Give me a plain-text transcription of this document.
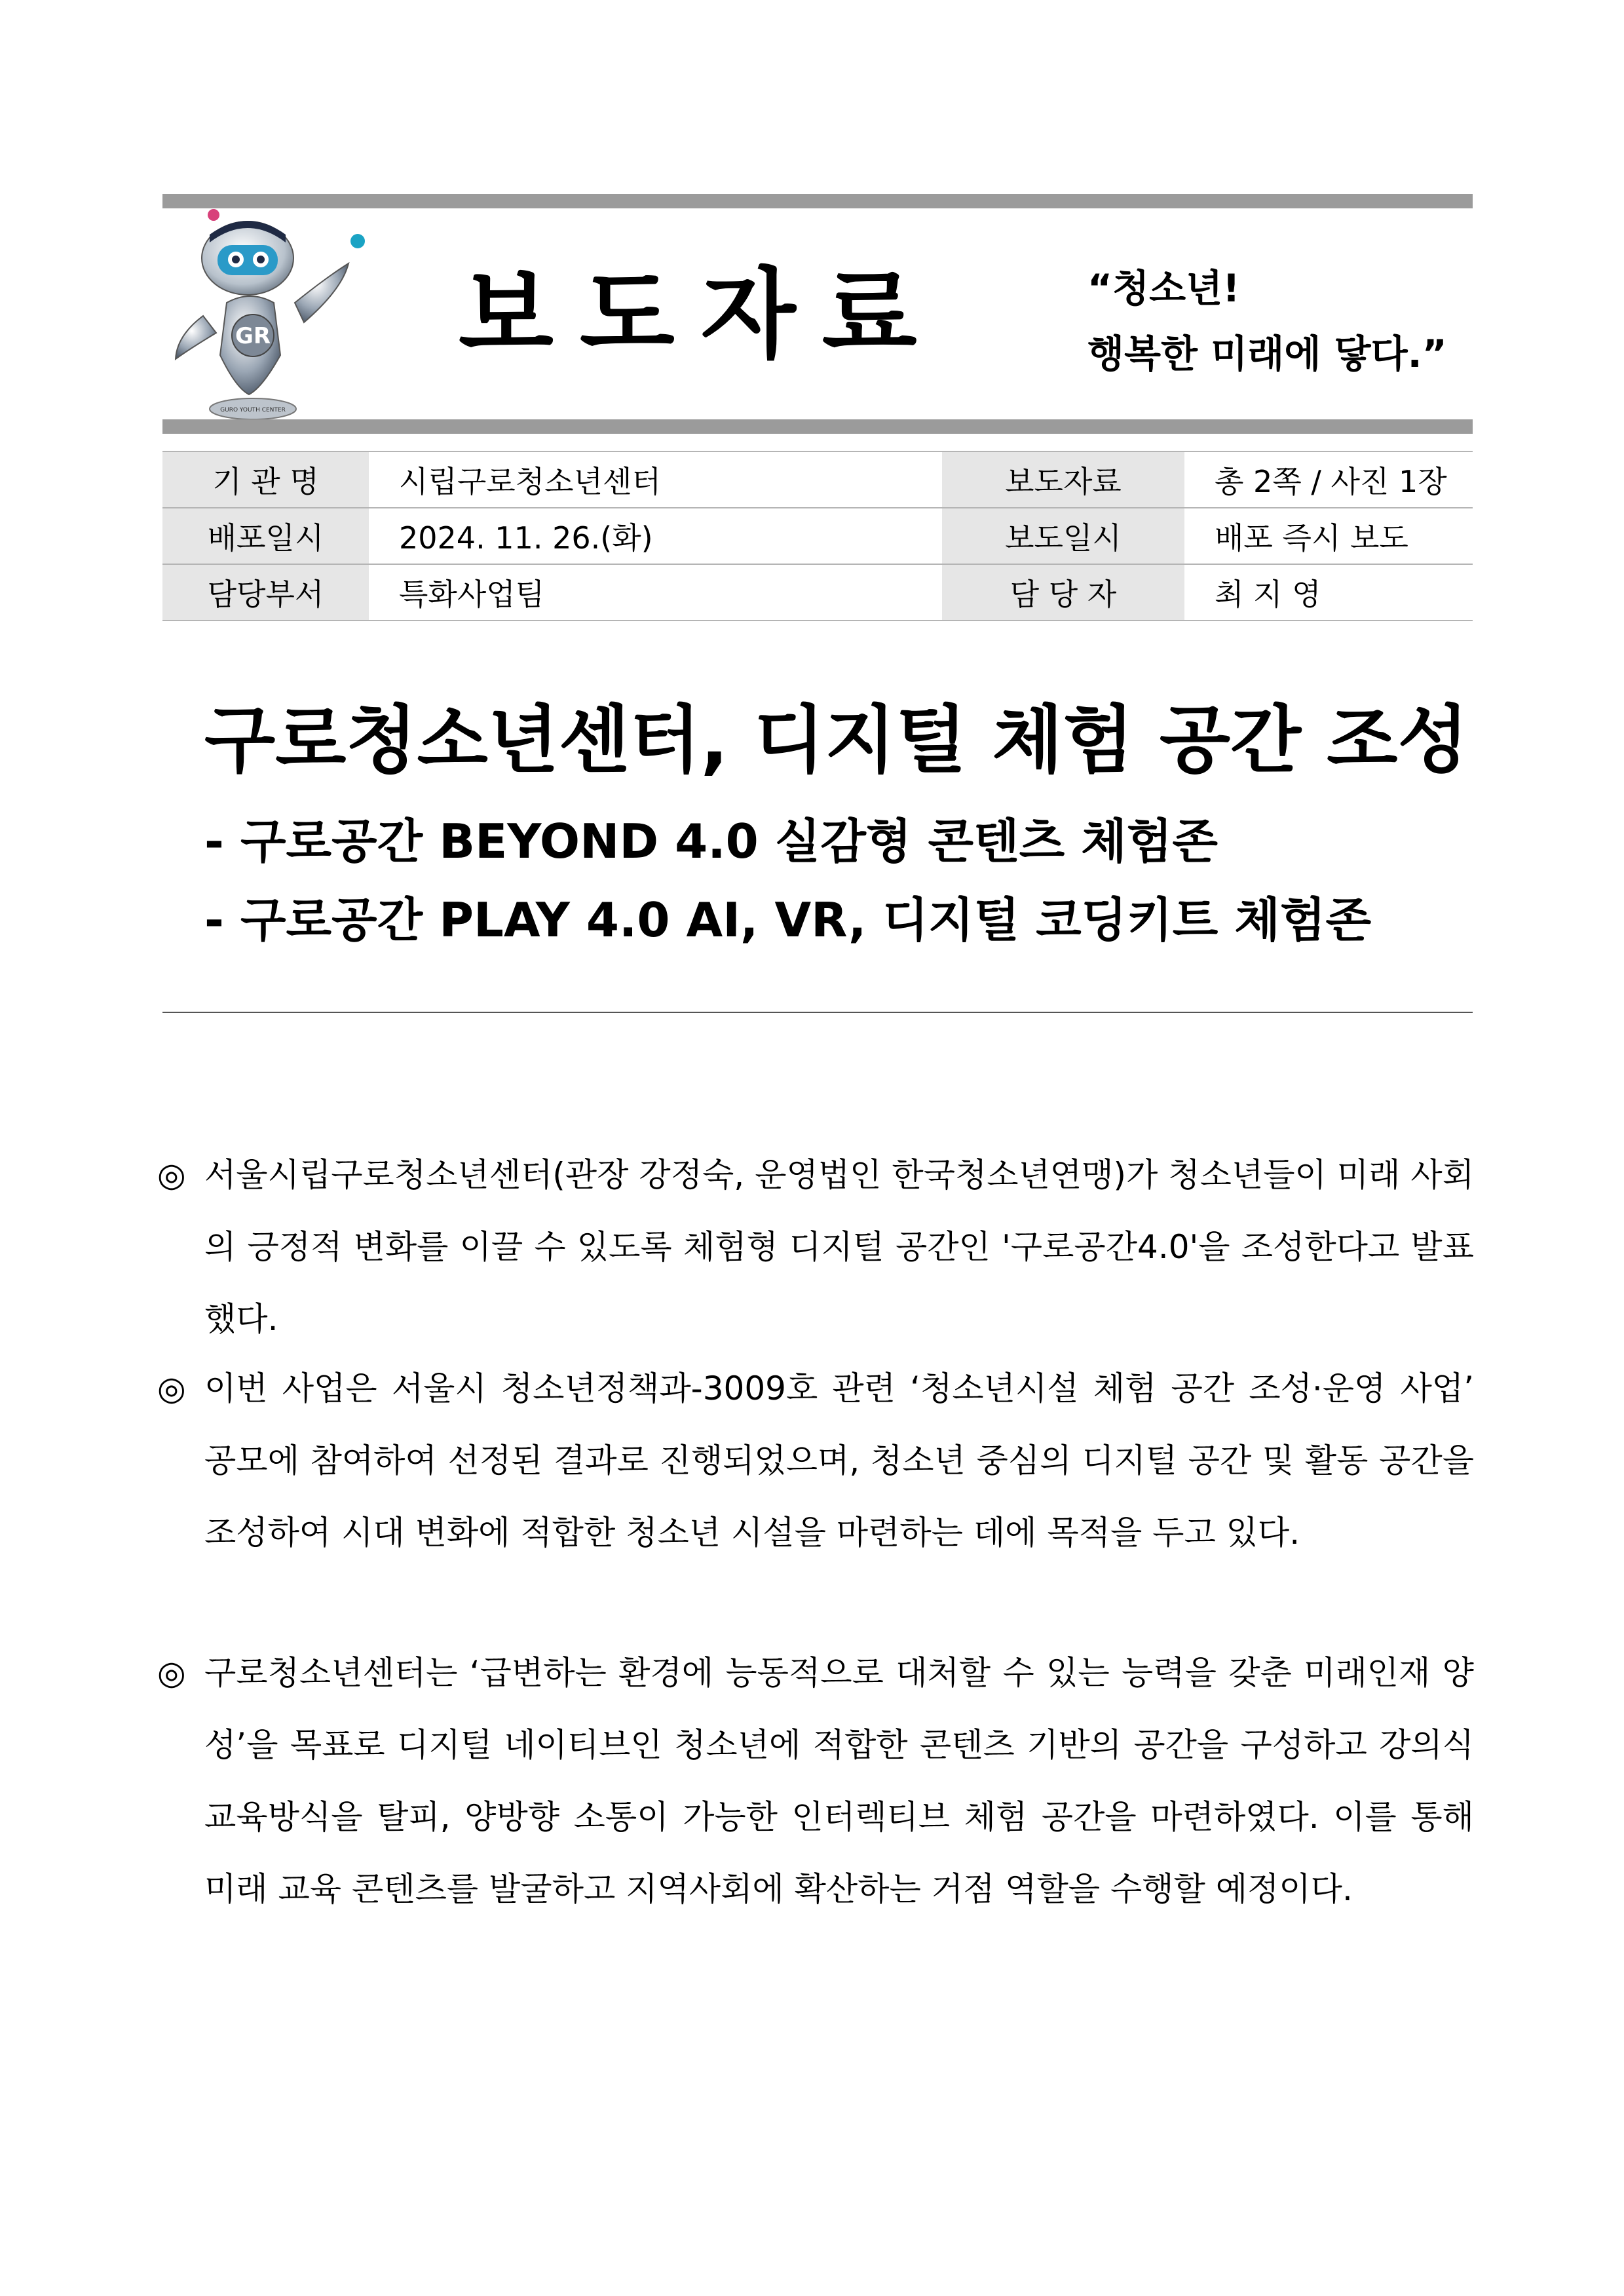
GR
GURO YOUTH CENTER
보도자료	“청소년!
행복한 미래에 닿다.”
기 관 명	시립구로청소년센터	보도자료	총 2쪽 / 사진 1장
배포일시	2024. 11. 26.(화)	보도일시	배포 즉시 보도
담당부서	특화사업팀	담 당 자	최 지 영
구로청소년센터, 디지털 체험 공간 조성
- 구로공간 BEYOND 4.0 실감형 콘텐츠 체험존
- 구로공간 PLAY 4.0 AI, VR, 디지털 코딩키트 체험존
◎ 서울시립구로청소년센터(관장 강정숙, 운영법인 한국청소년연맹)가 청소년들이 미래 사회의 긍정적 변화를 이끌 수 있도록 체험형 디지털 공간인 '구로공간4.0'을 조성한다고 발표했다.
◎ 이번 사업은 서울시 청소년정책과-3009호 관련 ‘청소년시설 체험 공간 조성·운영 사업’ 공모에 참여하여 선정된 결과로 진행되었으며, 청소년 중심의 디지털 공간 및 활동 공간을 조성하여 시대 변화에 적합한 청소년 시설을 마련하는 데에 목적을 두고 있다.
◎ 구로청소년센터는 ‘급변하는 환경에 능동적으로 대처할 수 있는 능력을 갖춘 미래인재 양성’을 목표로 디지털 네이티브인 청소년에 적합한 콘텐츠 기반의 공간을 구성하고 강의식 교육방식을 탈피, 양방향 소통이 가능한 인터렉티브 체험 공간을 마련하였다. 이를 통해 미래 교육 콘텐츠를 발굴하고 지역사회에 확산하는 거점 역할을 수행할 예정이다.
